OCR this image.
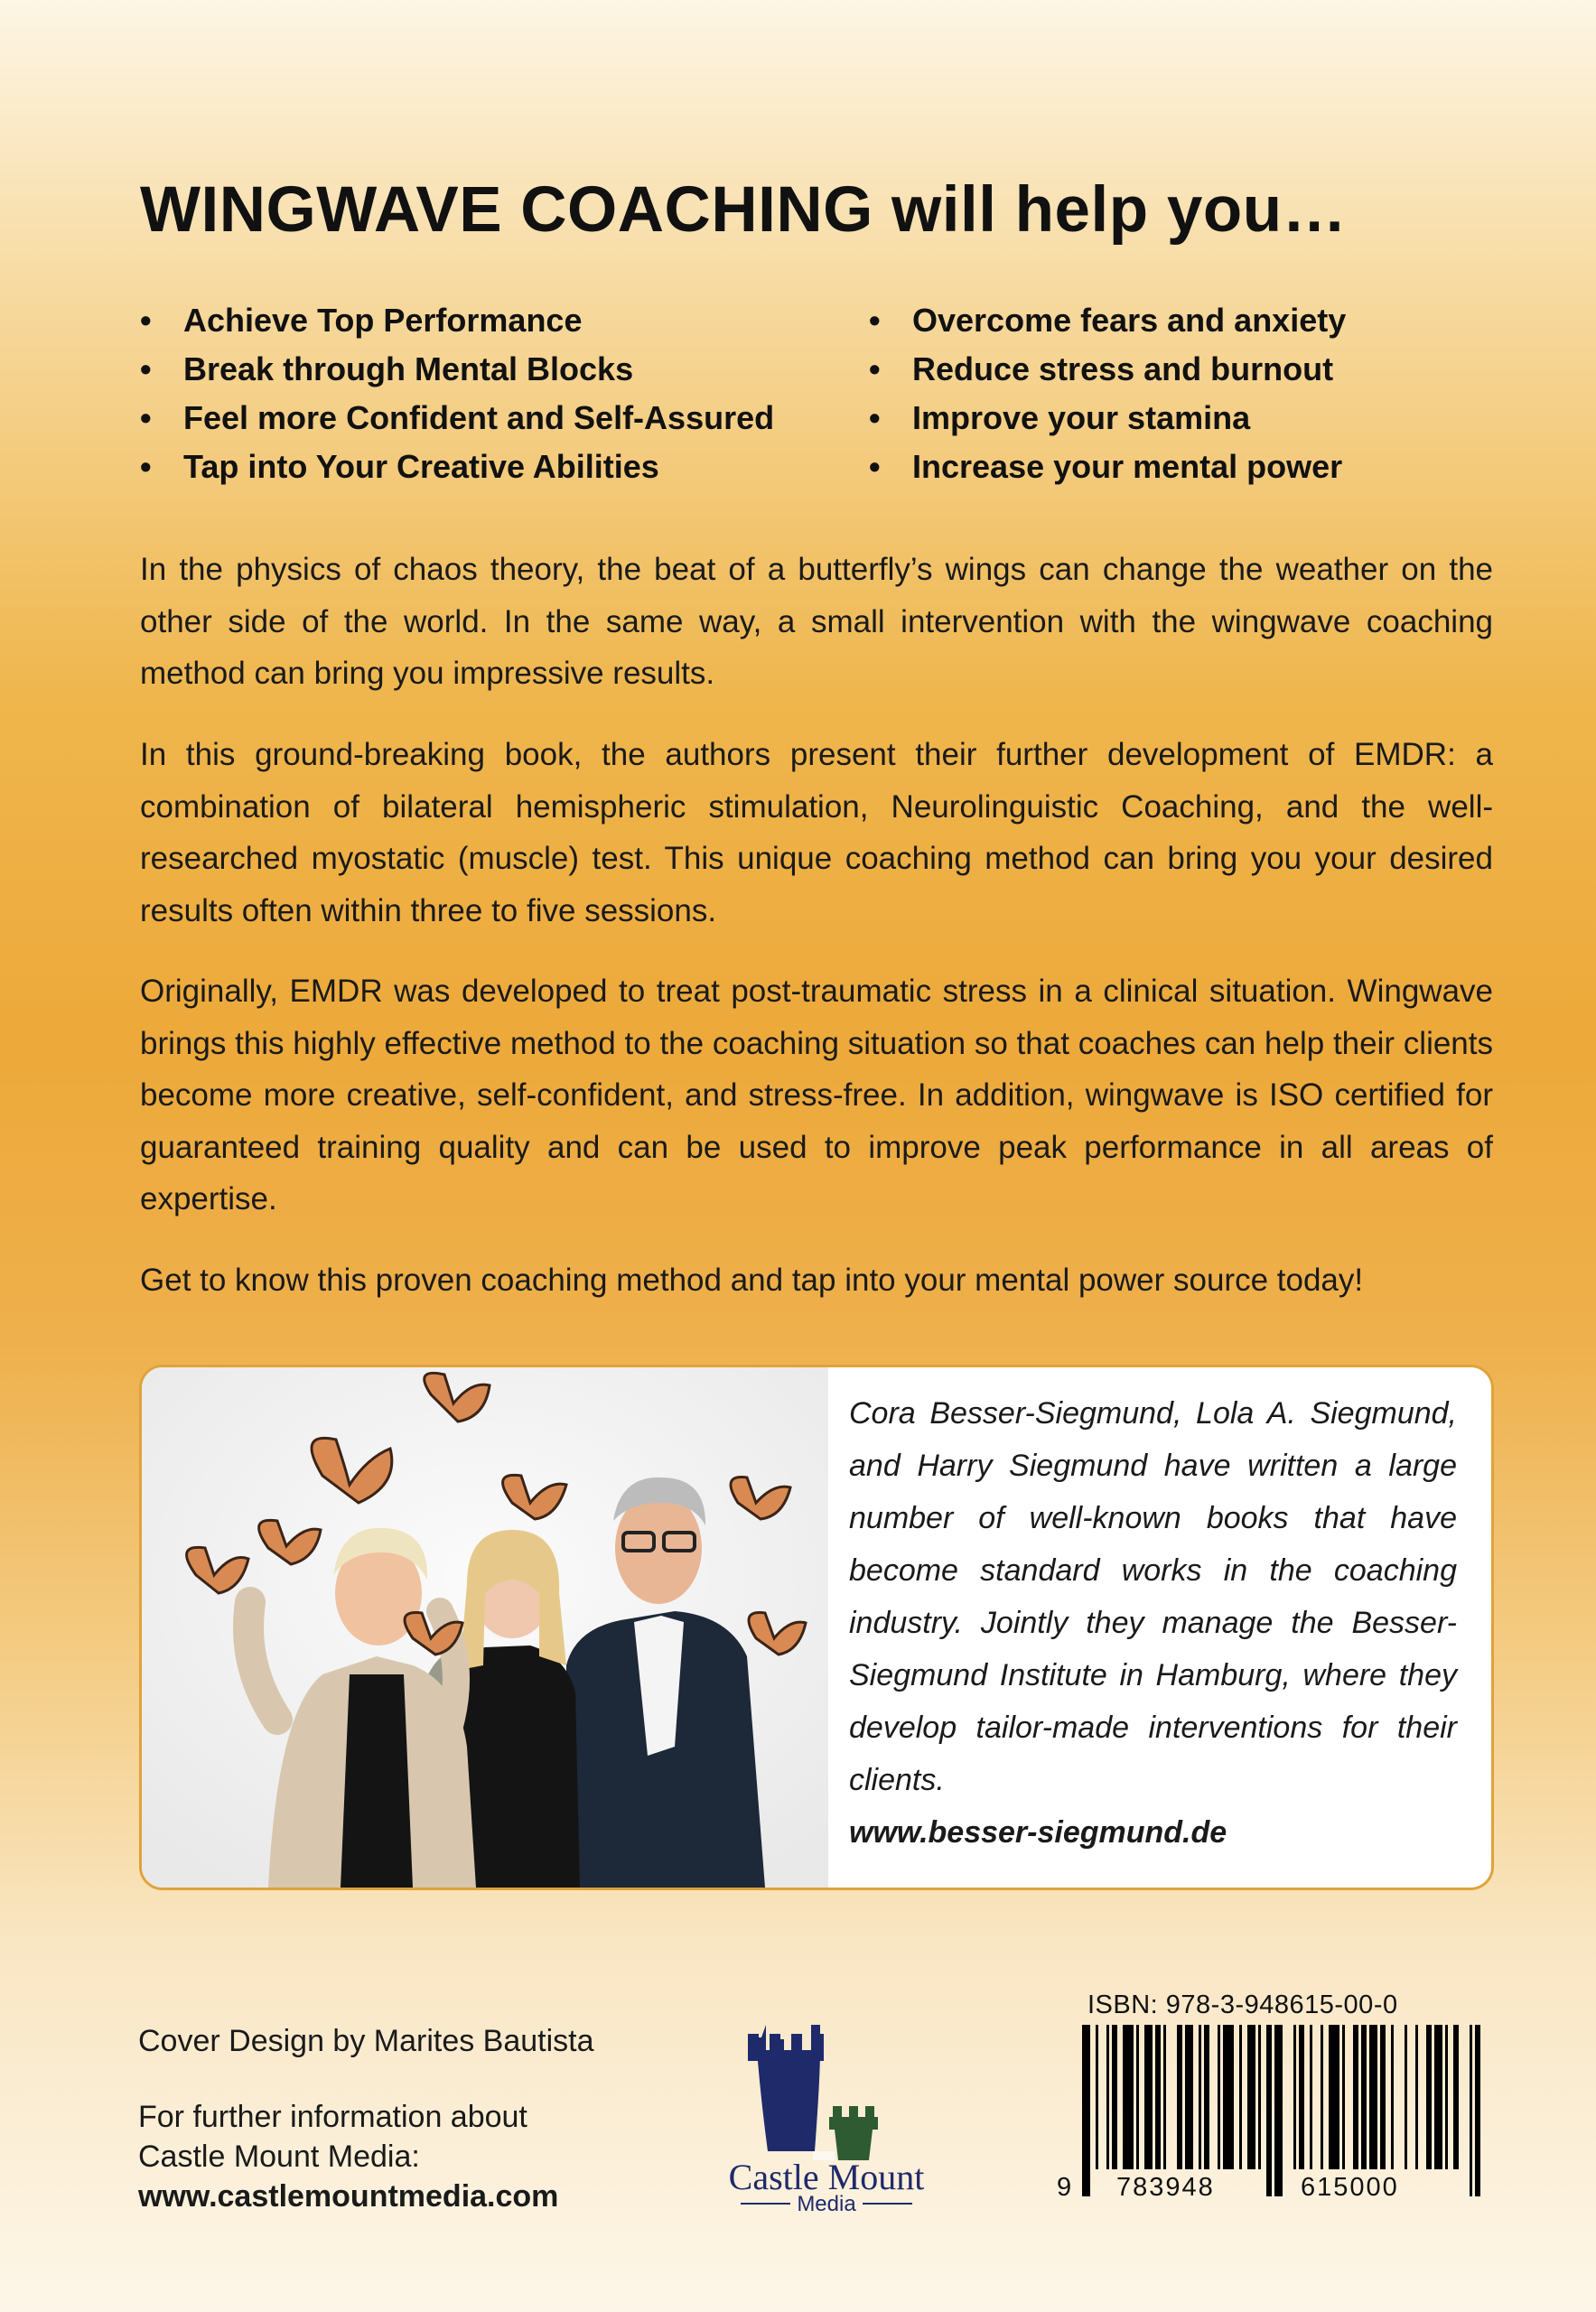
WINGWAVE COACHING will help you…
• Achieve Top Performance
• Break through Mental Blocks
• Feel more Confident and Self-Assured
• Tap into Your Creative Abilities
• Overcome fears and anxiety
• Reduce stress and burnout
• Improve your stamina
• Increase your mental power

In the physics of chaos theory, the beat of a butterfly’s wings can change the weather on the other side of the world. In the same way, a small intervention with the wingwave coaching method can bring you impressive results.

In this ground-breaking book, the authors present their further development of EMDR: a combination of bilateral hemispheric stimulation, Neurolinguistic Coaching, and the well-researched myostatic (muscle) test. This unique coaching method can bring you your desired results often within three to five sessions.

Originally, EMDR was developed to treat post-traumatic stress in a clinical situation. Wingwave brings this highly effective method to the coaching situation so that coaches can help their clients become more creative, self-confident, and stress-free. In addition, wingwave is ISO certified for guaranteed training quality and can be used to improve peak performance in all areas of expertise.

Get to know this proven coaching method and tap into your mental power source today!

Cora Besser-Siegmund, Lola A. Siegmund, and Harry Siegmund have written a large number of well-known books that have become standard works in the coaching industry. Jointly they manage the Besser-Siegmund Institute in Hamburg, where they develop tailor-made interventions for their clients.
www.besser-siegmund.de

Cover Design by Marites Bautista

For further information about
Castle Mount Media:
www.castlemountmedia.com	Castle Mount
Media
ISBN: 978-3-948615-00-0
9 783948	615000
